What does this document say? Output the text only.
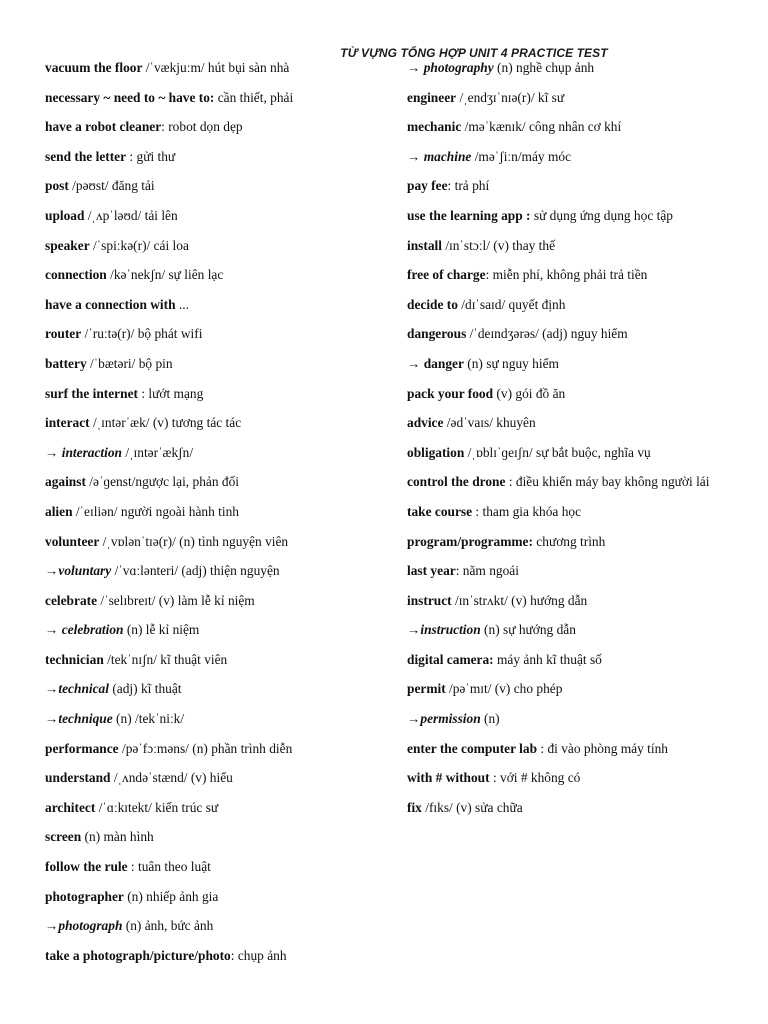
TỪ VỰNG TỔNG HỢP UNIT 4 PRACTICE TEST
vacuum the floor /ˈvækjuːm/ hút bụi sàn nhà
necessary ~ need to ~ have to: cần thiết, phải
have a robot cleaner: robot dọn dẹp
send the letter : gửi thư
post /pəʊst/ đăng tải
upload /ˌʌpˈləʊd/ tải lên
speaker /ˈspiːkə(r)/ cái loa
connection /kəˈnekʃn/ sự liên lạc
have a connection with ...
router /ˈruːtə(r)/ bộ phát wifi
battery /ˈbætəri/ bộ pin
surf the internet : lướt mạng
interact /ˌɪntərˈæk/ (v) tương tác tác
→ interaction /ˌɪntərˈækʃn/
against /əˈɡenst/ngược lại, phản đối
alien /ˈeɪliən/ người ngoài hành tinh
volunteer /ˌvɒlənˈtɪə(r)/ (n) tình nguyện viên
→voluntary /ˈvɑːlənteri/ (adj) thiện nguyện
celebrate /ˈselɪbreɪt/ (v) làm lễ kỉ niệm
→ celebration (n) lễ kỉ niệm
technician /tekˈnɪʃn/ kĩ thuật viên
→technical (adj) kĩ thuật
→technique (n) /tekˈniːk/
performance /pəˈfɔːməns/ (n) phần trình diễn
understand /ˌʌndəˈstænd/ (v) hiểu
architect /ˈɑːkɪtekt/ kiến trúc sư
screen (n) màn hình
follow the rule : tuân theo luật
photographer (n) nhiếp ảnh gia
→photograph (n) ảnh, bức ảnh
take a photograph/picture/photo: chụp ảnh
→ photography (n) nghề chụp ảnh
engineer /ˌendʒɪˈnɪə(r)/ kĩ sư
mechanic /məˈkænɪk/ công nhân cơ khí
→ machine /məˈʃiːn/máy móc
pay fee: trả phí
use the learning app : sử dụng ứng dụng học tập
install /ɪnˈstɔːl/ (v) thay thế
free of charge: miễn phí, không phải trả tiền
decide to /dɪˈsaɪd/ quyết định
dangerous /ˈdeɪndʒərəs/ (adj) nguy hiểm
→ danger (n) sự nguy hiểm
pack your food (v) gói đồ ăn
advice /ədˈvaɪs/ khuyên
obligation /ˌɒblɪˈɡeɪʃn/ sự bắt buộc, nghĩa vụ
control the drone : điều khiển máy bay không người lái
take course : tham gia khóa học
program/programme: chương trình
last year: năm ngoái
instruct /ɪnˈstrʌkt/ (v) hướng dẫn
→instruction (n) sự hướng dẫn
digital camera: máy ảnh kĩ thuật số
permit /pəˈmɪt/ (v) cho phép
→permission (n)
enter the computer lab : đi vào phòng máy tính
with # without : với # không có
fix /fɪks/ (v) sửa chữa
